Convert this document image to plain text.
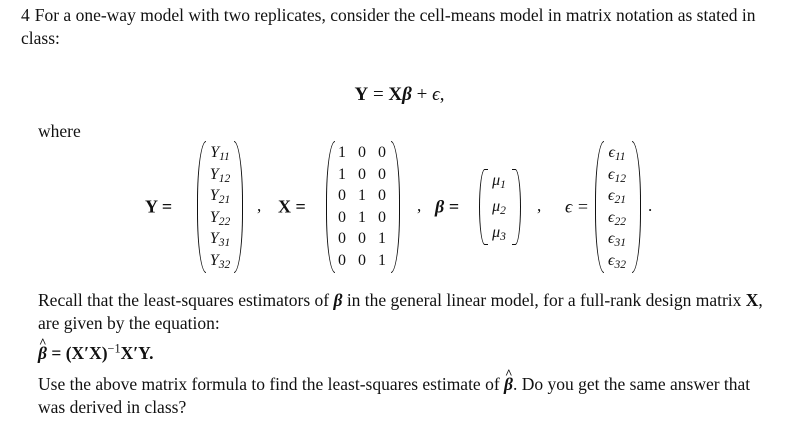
4 For a one-way model with two replicates, consider the cell-means model in matrix notation as stated in class:
Y = Xβ + ϵ,
where
Y =
$Y_{11}$
$Y_{12}$
$Y_{21}$
$Y_{22}$
$Y_{31}$
$Y_{32}$
, X =
1
1
0
0
0
0
0
0
1
1
0
0
0
0
0
0
1
1
, β =
$\mu_1$
$\mu_2$
$\mu_3$
, ϵ =
$\epsilon_{11}$
$\epsilon_{12}$
$\epsilon_{21}$
$\epsilon_{22}$
$\epsilon_{31}$
$\epsilon_{32}$
.
Recall that the least-squares estimators of β in the general linear model, for a full-rank design matrix X, are given by the equation:
^ $\beta = (X'X)^{-1}X'Y$.
Use the above matrix formula to find the least-squares estimate of ^ β. Do you get the same answer that was derived in class?
